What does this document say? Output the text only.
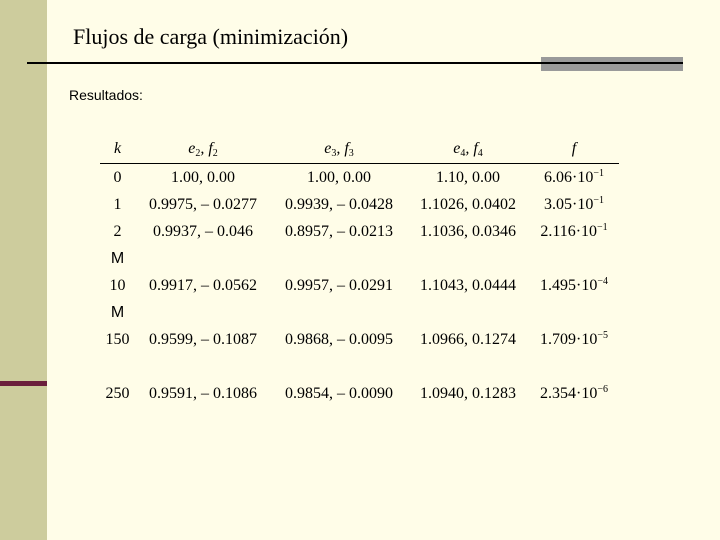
Flujos de carga (minimización)
Resultados:
k	$e_2$, $f_2$	$e_3$, $f_3$	$e_4$, $f_4$	f
0	1.00, 0.00	1.00, 0.00	1.10, 0.00	$6.06\cdot 10^{-1}$
1	0.9975, – 0.0277	0.9939, – 0.0428	1.1026, 0.0402	$3.05\cdot 10^{-1}$
2	0.9937, – 0.046	0.8957, – 0.0213	1.1036, 0.0346	$2.116\cdot 10^{-1}$
M				
10	0.9917, – 0.0562	0.9957, – 0.0291	1.1043, 0.0444	$1.495\cdot 10^{-4}$
M				
150	0.9599, – 0.1087	0.9868, – 0.0095	1.0966, 0.1274	$1.709\cdot 10^{-5}$

250	0.9591, – 0.1086	0.9854, – 0.0090	1.0940, 0.1283	$2.354\cdot 10^{-6}$
